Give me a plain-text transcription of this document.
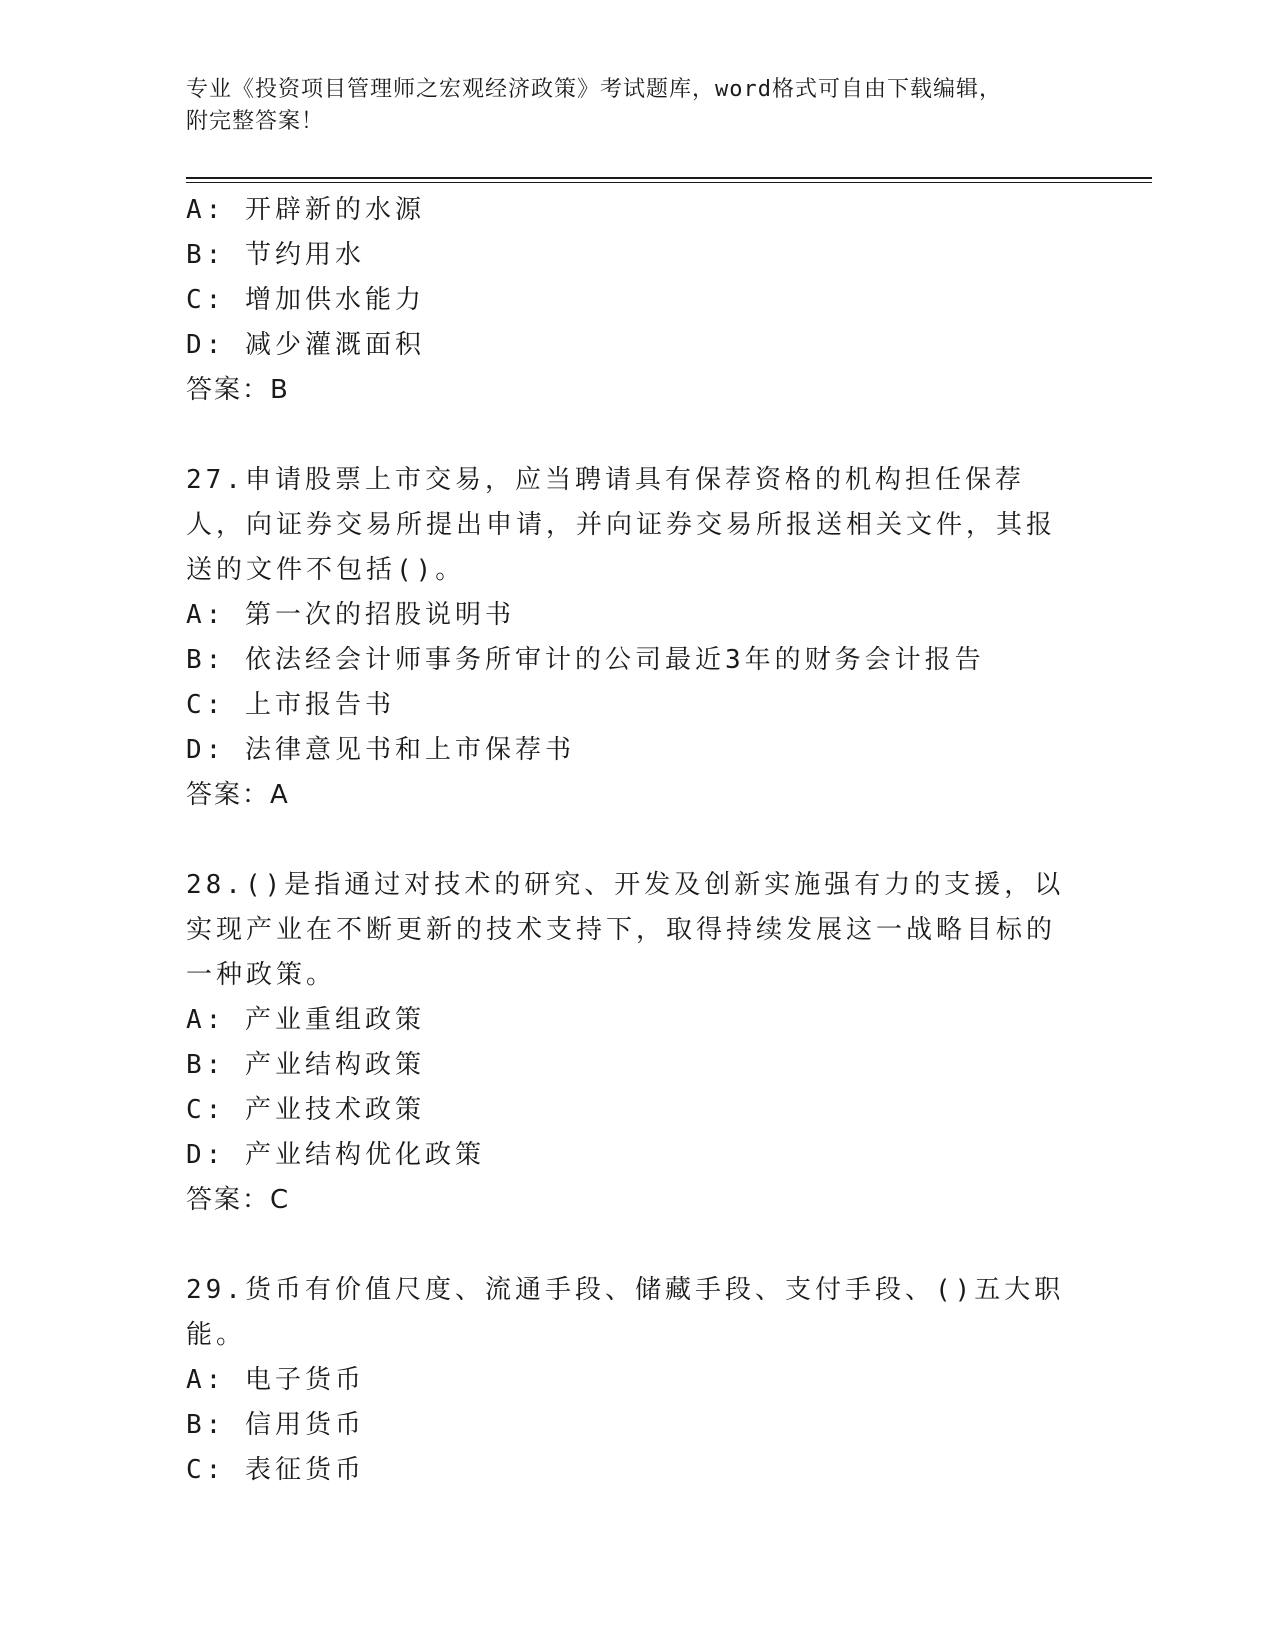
专业《投资项目管理师之宏观经济政策》考试题库，word格式可自由下载编辑，
附完整答案！
A: 开辟新的水源
B: 节约用水
C: 增加供水能力
D: 减少灌溉面积
答案：B
27.申请股票上市交易，应当聘请具有保荐资格的机构担任保荐人，向证券交易所提出申请，并向证券交易所报送相关文件，其报送的文件不包括()。
A: 第一次的招股说明书
B: 依法经会计师事务所审计的公司最近3年的财务会计报告
C: 上市报告书
D: 法律意见书和上市保荐书
答案：A
28.()是指通过对技术的研究、开发及创新实施强有力的支援，以实现产业在不断更新的技术支持下，取得持续发展这一战略目标的一种政策。
A: 产业重组政策
B: 产业结构政策
C: 产业技术政策
D: 产业结构优化政策
答案：C
29.货币有价值尺度、流通手段、储藏手段、支付手段、()五大职能。
A: 电子货币
B: 信用货币
C: 表征货币
